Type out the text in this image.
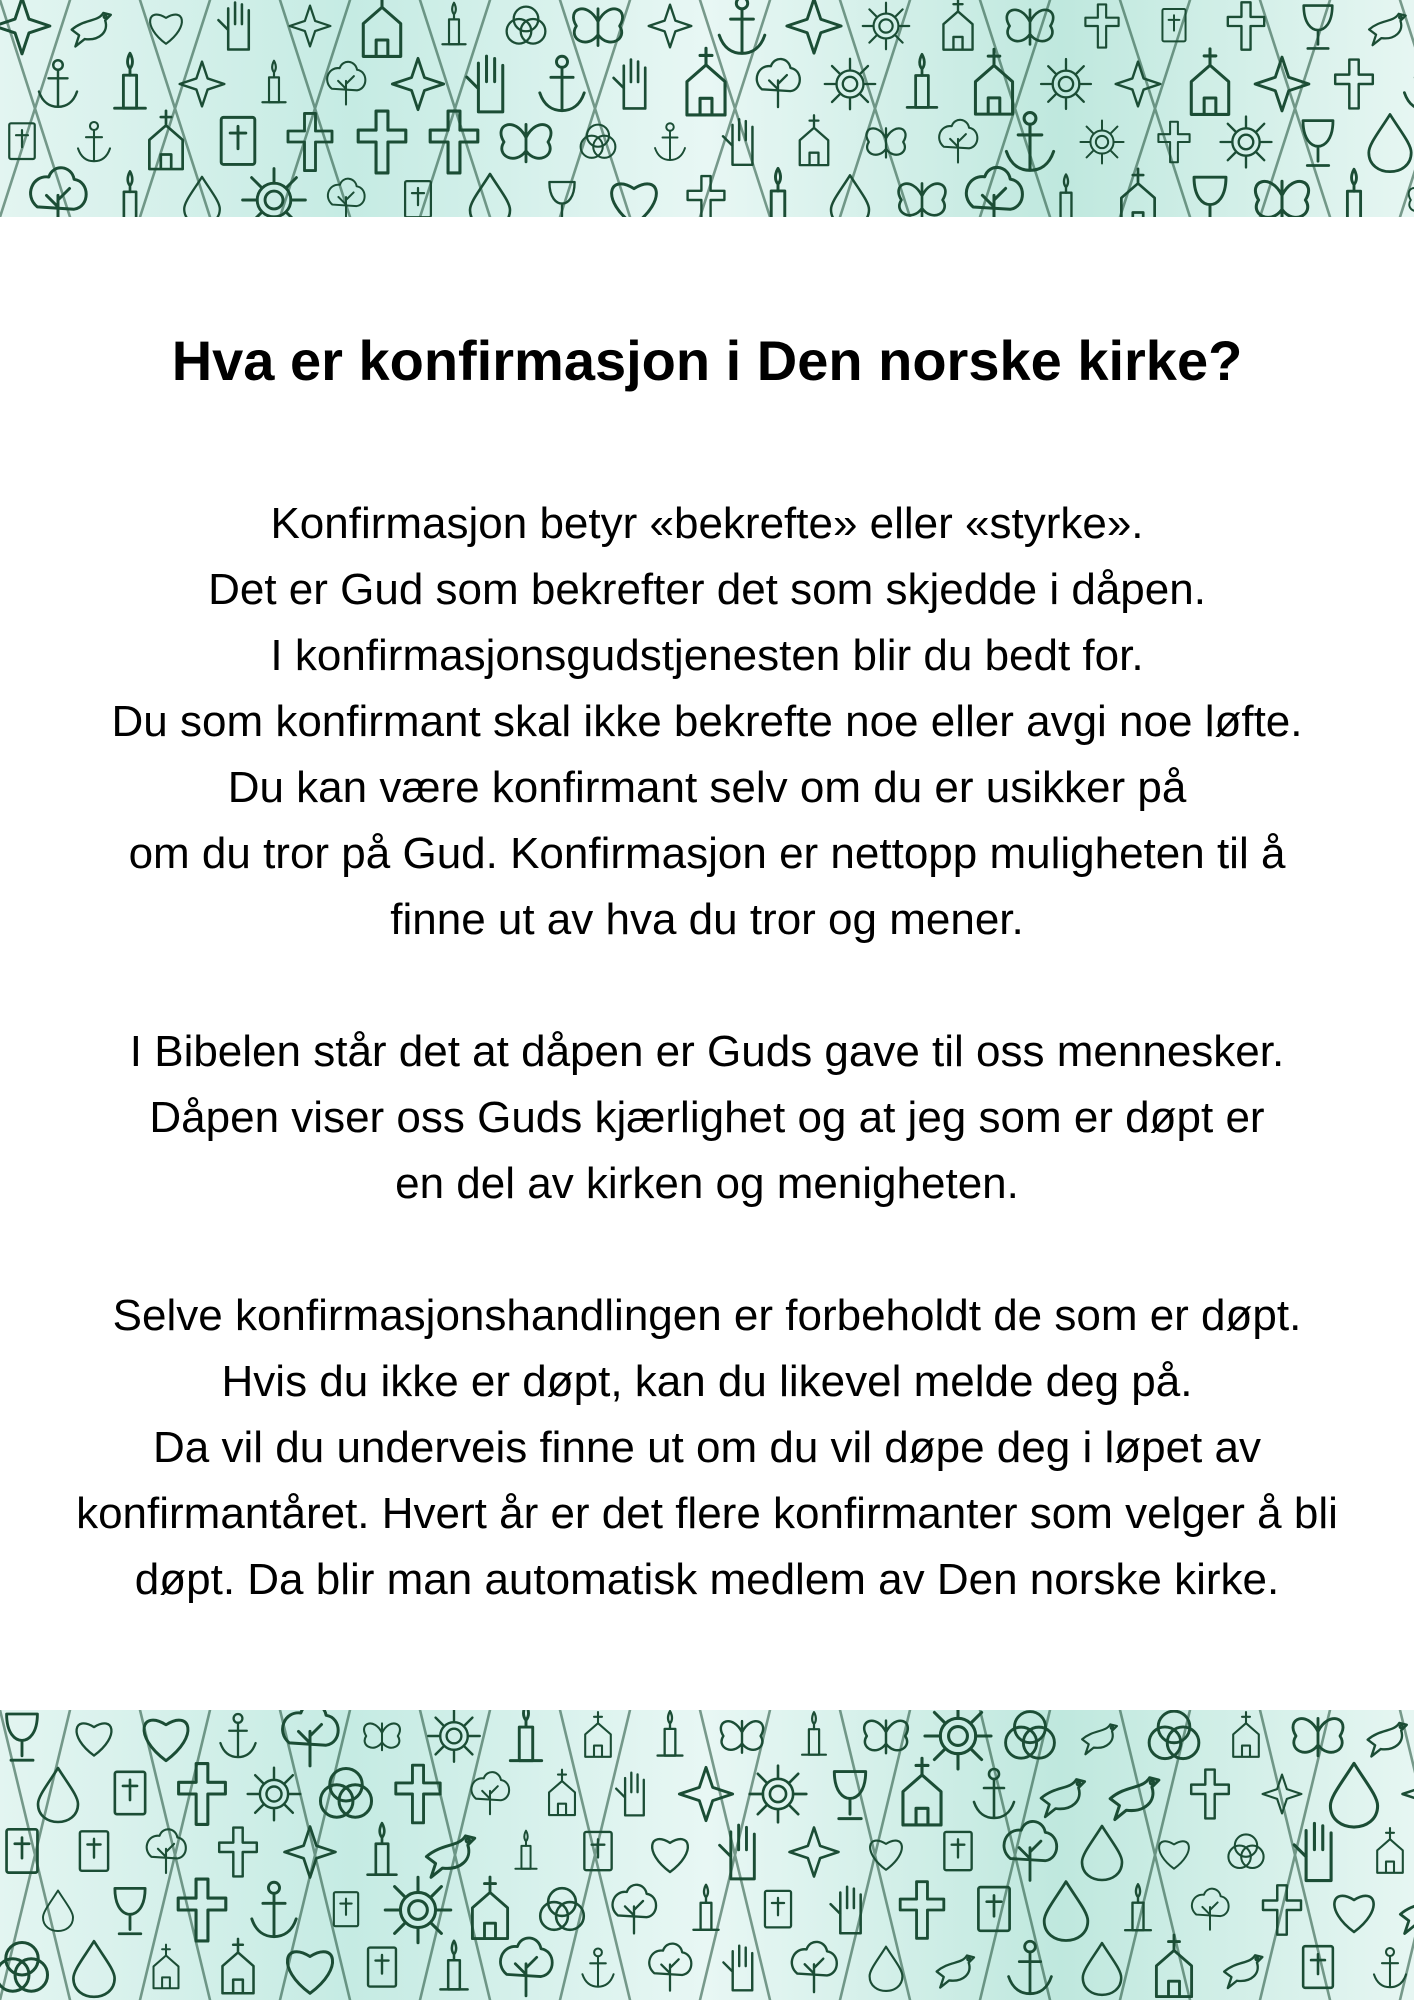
Hva er konfirmasjon i Den norske kirke?

Konfirmasjon betyr «bekrefte» eller «styrke».
Det er Gud som bekrefter det som skjedde i dåpen.
I konfirmasjonsgudstjenesten blir du bedt for.
Du som konfirmant skal ikke bekrefte noe eller avgi noe løfte.
Du kan være konfirmant selv om du er usikker på
om du tror på Gud. Konfirmasjon er nettopp muligheten til å
finne ut av hva du tror og mener.

I Bibelen står det at dåpen er Guds gave til oss mennesker.
Dåpen viser oss Guds kjærlighet og at jeg som er døpt er
en del av kirken og menigheten.

Selve konfirmasjonshandlingen er forbeholdt de som er døpt.
Hvis du ikke er døpt, kan du likevel melde deg på.
Da vil du underveis finne ut om du vil døpe deg i løpet av
konfirmantåret. Hvert år er det flere konfirmanter som velger å bli
døpt. Da blir man automatisk medlem av Den norske kirke.
